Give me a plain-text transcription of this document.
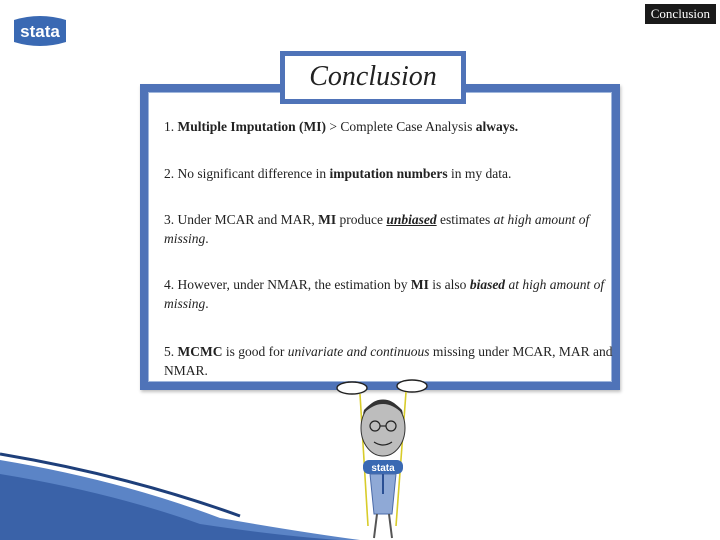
Conclusion
stata
Conclusion
1. Multiple Imputation (MI) > Complete Case Analysis always.
2. No significant difference in imputation numbers in my data.
3. Under MCAR and MAR, MI produce unbiased estimates at high amount of missing.
4. However, under NMAR, the estimation by MI is also biased at high amount of missing.
5. MCMC is good for univariate and continuous missing under MCAR, MAR and NMAR.
stata
